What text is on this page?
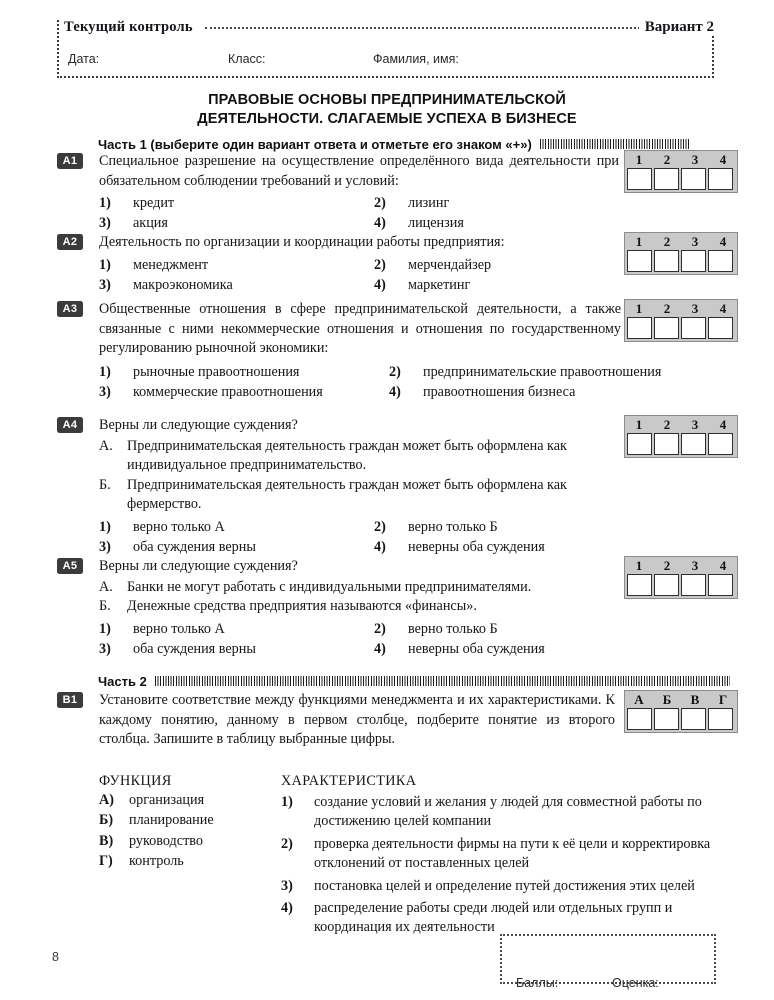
Текущий контроль	Вариант 2
Дата:	Класс:	Фамилия, имя:
ПРАВОВЫЕ ОСНОВЫ ПРЕДПРИНИМАТЕЛЬСКОЙ
ДЕЯТЕЛЬНОСТИ. СЛАГАЕМЫЕ УСПЕХА В БИЗНЕСЕ
Часть 1 (выберите один вариант ответа и отметьте его знаком «+»)
A1	Специальное разрешение на осуществление определённого вида деятельности при обязательном соблюдении требований и условий:
1) кредит	2) лизинг
3) акция	4) лицензия
1	2	3	4
A2	Деятельность по организации и координации работы предприятия:
1) менеджмент	2) мерчендайзер
3) макроэкономика	4) маркетинг
1	2	3	4
A3	Общественные отношения в сфере предпринимательской деятельности, а также связанные с ними некоммерческие отношения и отношения по государственному регулированию рыночной экономики:
1) рыночные правоотношения	2) предпринимательские правоотношения
3) коммерческие правоотношения	4) правоотношения бизнеса
1	2	3	4
A4	Верны ли следующие суждения?
А. Предпринимательская деятельность граждан может быть оформлена как индивидуальное предпринимательство.
Б. Предпринимательская деятельность граждан может быть оформлена как фермерство.
1) верно только А	2) верно только Б
3) оба суждения верны	4) неверны оба суждения
1	2	3	4
A5	Верны ли следующие суждения?
А. Банки не могут работать с индивидуальными предпринимателями.
Б. Денежные средства предприятия называются «финансы».
1) верно только А	2) верно только Б
3) оба суждения верны	4) неверны оба суждения
1	2	3	4
Часть 2
B1	Установите соответствие между функциями менеджмента и их характеристиками. К каждому понятию, данному в первом столбце, подберите понятие из второго столбца. Запишите в таблицу выбранные цифры.
А	Б	В	Г
ФУНКЦИЯ
А) организация
Б) планирование
В) руководство
Г) контроль
ХАРАКТЕРИСТИКА
1) создание условий и желания у людей для совместной работы по достижению целей компании
2) проверка деятельности фирмы на пути к её цели и корректировка отклонений от поставленных целей
3) постановка целей и определение путей достижения этих целей
4) распределение работы среди людей или отдельных групп и координация их деятельности
8
Баллы:	Оценка:
